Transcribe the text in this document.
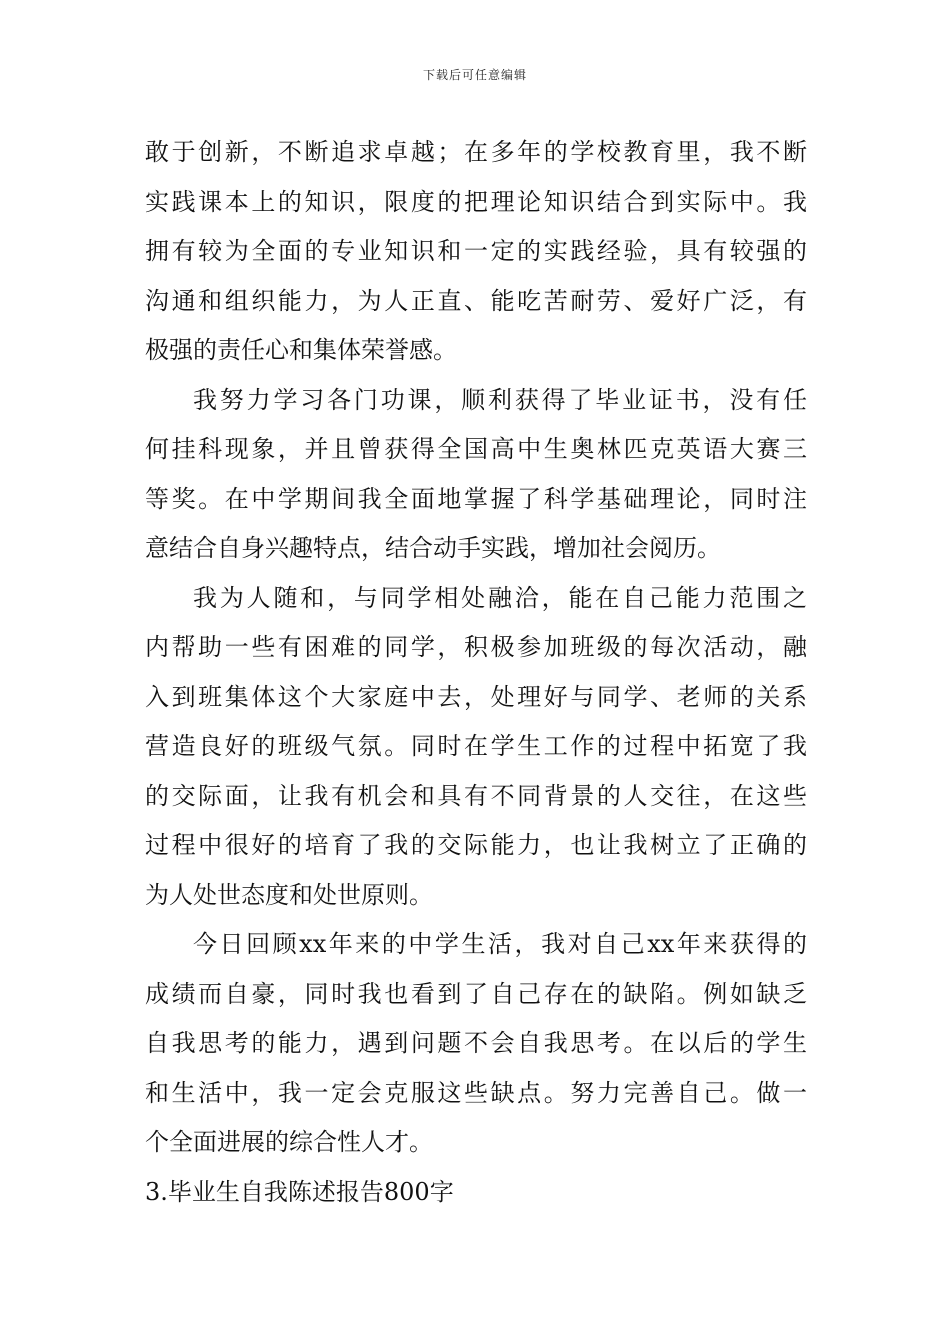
下载后可任意编辑
敢于创新，不断追求卓越；在多年的学校教育里，我不断
实践课本上的知识，限度的把理论知识结合到实际中。我
拥有较为全面的专业知识和一定的实践经验，具有较强的
沟通和组织能力，为人正直、能吃苦耐劳、爱好广泛，有
极强的责任心和集体荣誉感。
我努力学习各门功课，顺利获得了毕业证书，没有任
何挂科现象，并且曾获得全国高中生奥林匹克英语大赛三
等奖。在中学期间我全面地掌握了科学基础理论，同时注
意结合自身兴趣特点，结合动手实践，增加社会阅历。
我为人随和，与同学相处融洽，能在自己能力范围之
内帮助一些有困难的同学，积极参加班级的每次活动，融
入到班集体这个大家庭中去，处理好与同学、老师的关系
营造良好的班级气氛。同时在学生工作的过程中拓宽了我
的交际面，让我有机会和具有不同背景的人交往，在这些
过程中很好的培育了我的交际能力，也让我树立了正确的
为人处世态度和处世原则。
今日回顾xx年来的中学生活，我对自己xx年来获得的
成绩而自豪，同时我也看到了自己存在的缺陷。例如缺乏
自我思考的能力，遇到问题不会自我思考。在以后的学生
和生活中，我一定会克服这些缺点。努力完善自己。做一
个全面进展的综合性人才。
3.毕业生自我陈述报告800字
